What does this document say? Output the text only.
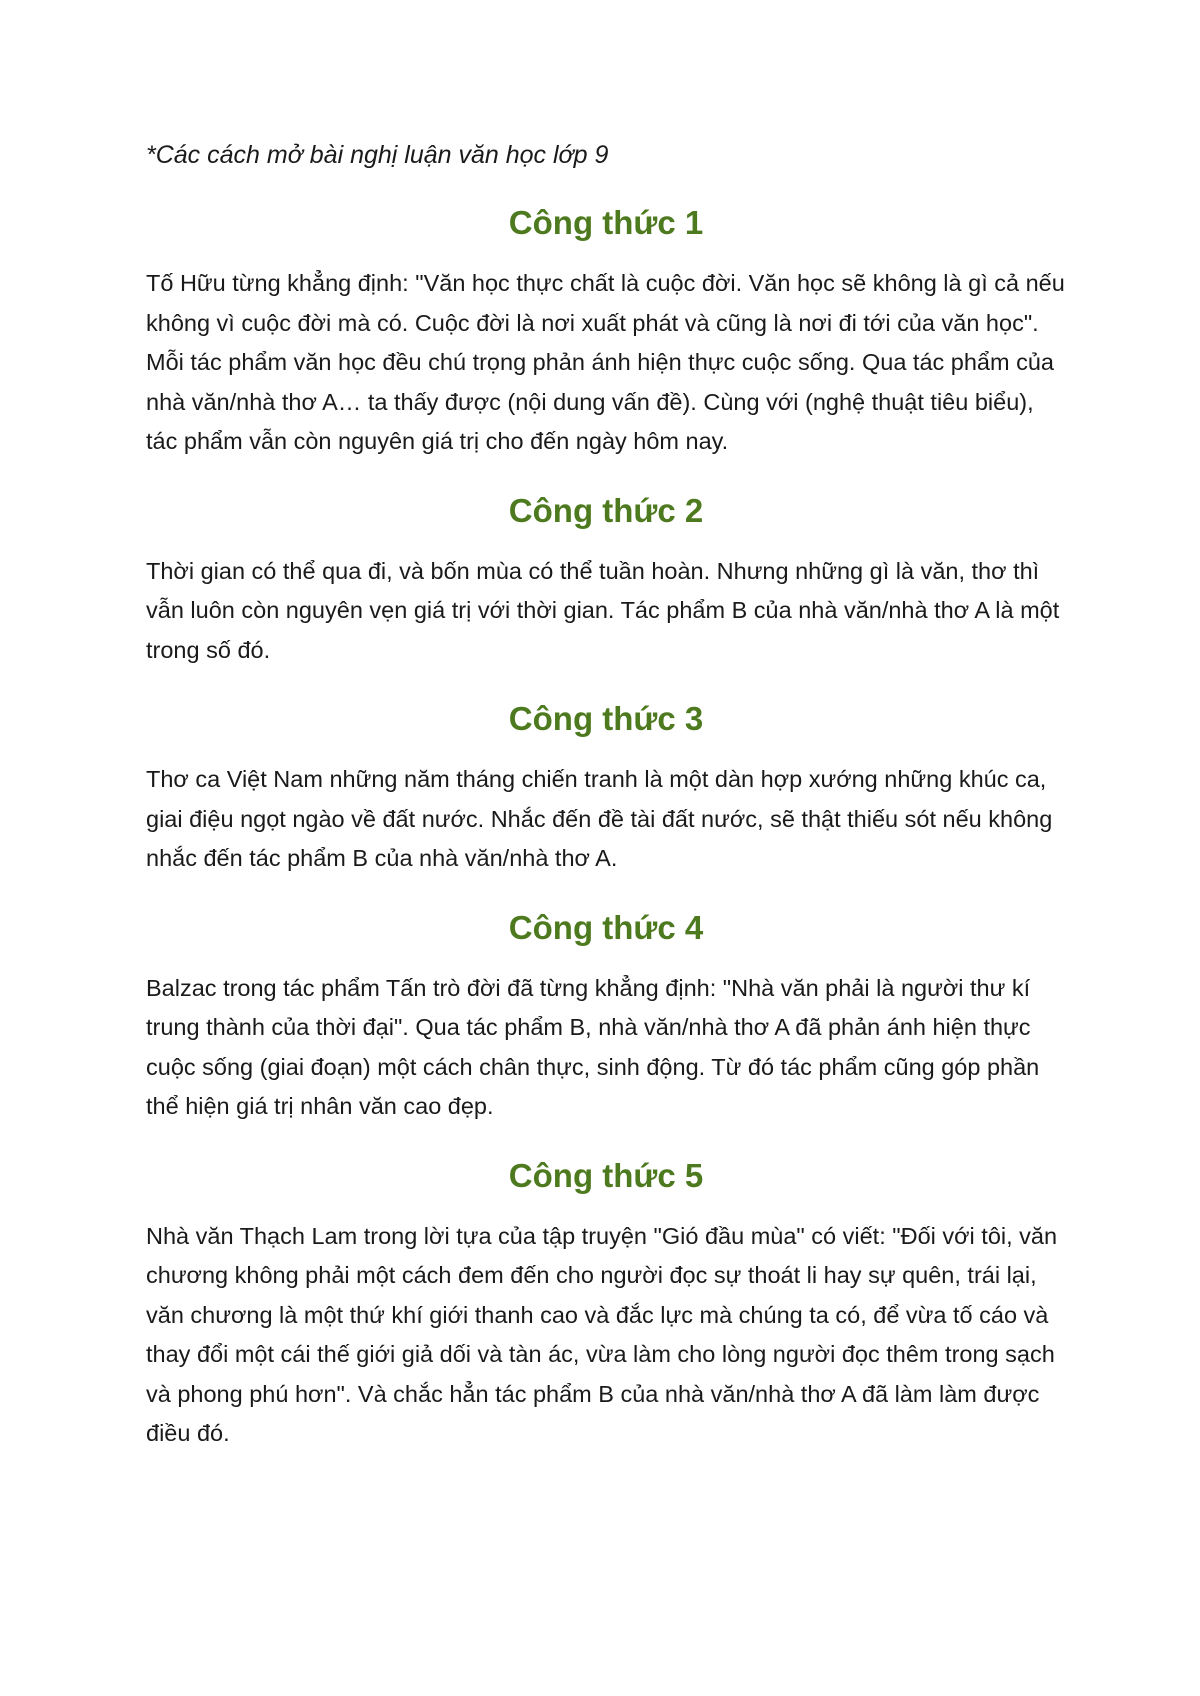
*Các cách mở bài nghị luận văn học lớp 9

Công thức 1

Tố Hữu từng khẳng định: "Văn học thực chất là cuộc đời. Văn học sẽ không là gì cả nếu không vì cuộc đời mà có. Cuộc đời là nơi xuất phát và cũng là nơi đi tới của văn học". Mỗi tác phẩm văn học đều chú trọng phản ánh hiện thực cuộc sống. Qua tác phẩm của nhà văn/nhà thơ A… ta thấy được (nội dung vấn đề). Cùng với (nghệ thuật tiêu biểu), tác phẩm vẫn còn nguyên giá trị cho đến ngày hôm nay.

Công thức 2

Thời gian có thể qua đi, và bốn mùa có thể tuần hoàn. Nhưng những gì là văn, thơ thì vẫn luôn còn nguyên vẹn giá trị với thời gian. Tác phẩm B của nhà văn/nhà thơ A là một trong số đó.

Công thức 3

Thơ ca Việt Nam những năm tháng chiến tranh là một dàn hợp xướng những khúc ca, giai điệu ngọt ngào về đất nước. Nhắc đến đề tài đất nước, sẽ thật thiếu sót nếu không nhắc đến tác phẩm B của nhà văn/nhà thơ A.

Công thức 4

Balzac trong tác phẩm Tấn trò đời đã từng khẳng định: "Nhà văn phải là người thư kí trung thành của thời đại". Qua tác phẩm B, nhà văn/nhà thơ A đã phản ánh hiện thực cuộc sống (giai đoạn) một cách chân thực, sinh động. Từ đó tác phẩm cũng góp phần thể hiện giá trị nhân văn cao đẹp.

Công thức 5

Nhà văn Thạch Lam trong lời tựa của tập truyện "Gió đầu mùa" có viết: "Đối với tôi, văn chương không phải một cách đem đến cho người đọc sự thoát li hay sự quên, trái lại, văn chương là một thứ khí giới thanh cao và đắc lực mà chúng ta có, để vừa tố cáo và thay đổi một cái thế giới giả dối và tàn ác, vừa làm cho lòng người đọc thêm trong sạch và phong phú hơn". Và chắc hẳn tác phẩm B của nhà văn/nhà thơ A đã làm làm được điều đó.
